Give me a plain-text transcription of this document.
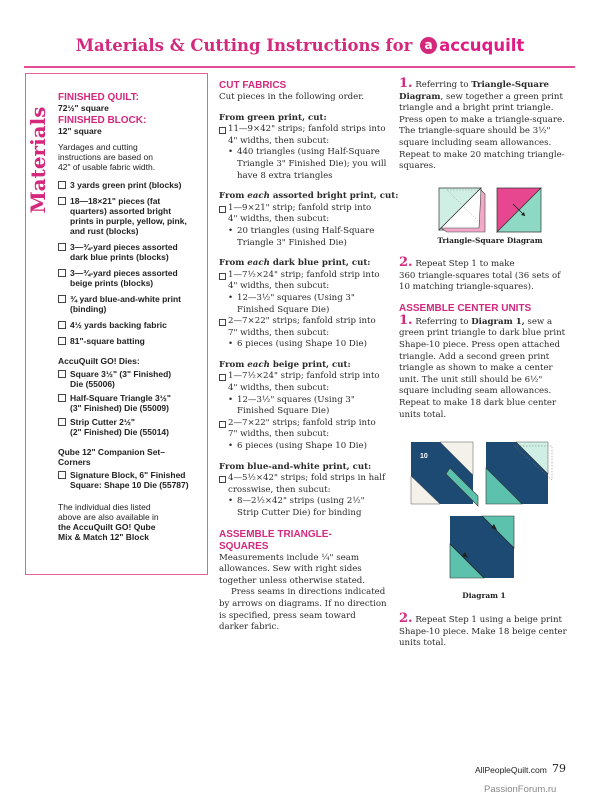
Materials & Cutting Instructions for a accuquilt
Materials
FINISHED QUILT:
72½" square
FINISHED BLOCK:
12" square
Yardages and cutting
instructions are based on
42" of usable fabric width.
3 yards green print (blocks)
18—18×21" pieces (fat
quarters) assorted bright
prints in purple, yellow, pink,
and rust (blocks)
3—¾-yard pieces assorted
dark blue prints (blocks)
3—¾-yard pieces assorted
beige prints (blocks)
¾ yard blue-and-white print
(binding)
4½ yards backing fabric
81"-square batting
AccuQuilt GO! Dies:
Square 3½" (3" Finished)
Die (55006)
Half-Square Triangle 3½"
(3" Finished) Die (55009)
Strip Cutter 2½"
(2" Finished) Die (55014)
Qube 12" Companion Set–
Corners
Signature Block, 6" Finished
Square: Shape 10 Die (55787)
The individual dies listed
above are also available in
the AccuQuilt GO! Qube
Mix & Match 12" Block
CUT FABRICS
Cut pieces in the following order.
From green print, cut:
11—9×42" strips; fanfold strips into
4" widths, then subcut:
• 440 triangles (using Half-Square
Triangle 3" Finished Die); you will
have 8 extra triangles
From each assorted bright print, cut:
1—9×21" strip; fanfold strip into
4" widths, then subcut:
• 20 triangles (using Half-Square
Triangle 3" Finished Die)
From each dark blue print, cut:
1—7½×24" strip; fanfold strip into
4" widths, then subcut:
• 12—3½" squares (Using 3"
Finished Square Die)
2—7×22" strips; fanfold strip into
7" widths, then subcut:
• 6 pieces (using Shape 10 Die)
From each beige print, cut:
1—7½×24" strip; fanfold strip into
4" widths, then subcut:
• 12—3½" squares (Using 3"
Finished Square Die)
2—7×22" strips; fanfold strip into
7" widths, then subcut:
• 6 pieces (using Shape 10 Die)
From blue-and-white print, cut:
4—5½×42" strips; fold strips in half
crosswise, then subcut:
• 8—2½×42" strips (using 2½"
Strip Cutter Die) for binding
ASSEMBLE TRIANGLE-
SQUARES
Measurements include ¼" seam
allowances. Sew with right sides
together unless otherwise stated.
Press seams in directions indicated
by arrows on diagrams. If no direction
is specified, press seam toward
darker fabric.
1. Referring to Triangle-Square
Diagram, sew together a green print
triangle and a bright print triangle.
Press open to make a triangle-square.
The triangle-square should be 3½"
square including seam allowances.
Repeat to make 20 matching triangle-
squares.
Triangle-Square Diagram
2. Repeat Step 1 to make
360 triangle-squares total (36 sets of
10 matching triangle-squares).
ASSEMBLE CENTER UNITS
1. Referring to Diagram 1, sew a
green print triangle to dark blue print
Shape-10 piece. Press open attached
triangle. Add a second green print
triangle as shown to make a center
unit. The unit still should be 6½"
square including seam allowances.
Repeat to make 18 dark blue center
units total.
10
Diagram 1
2. Repeat Step 1 using a beige print
Shape-10 piece. Make 18 beige center
units total.
AllPeopleQuilt.com 79
PassionForum.ru
